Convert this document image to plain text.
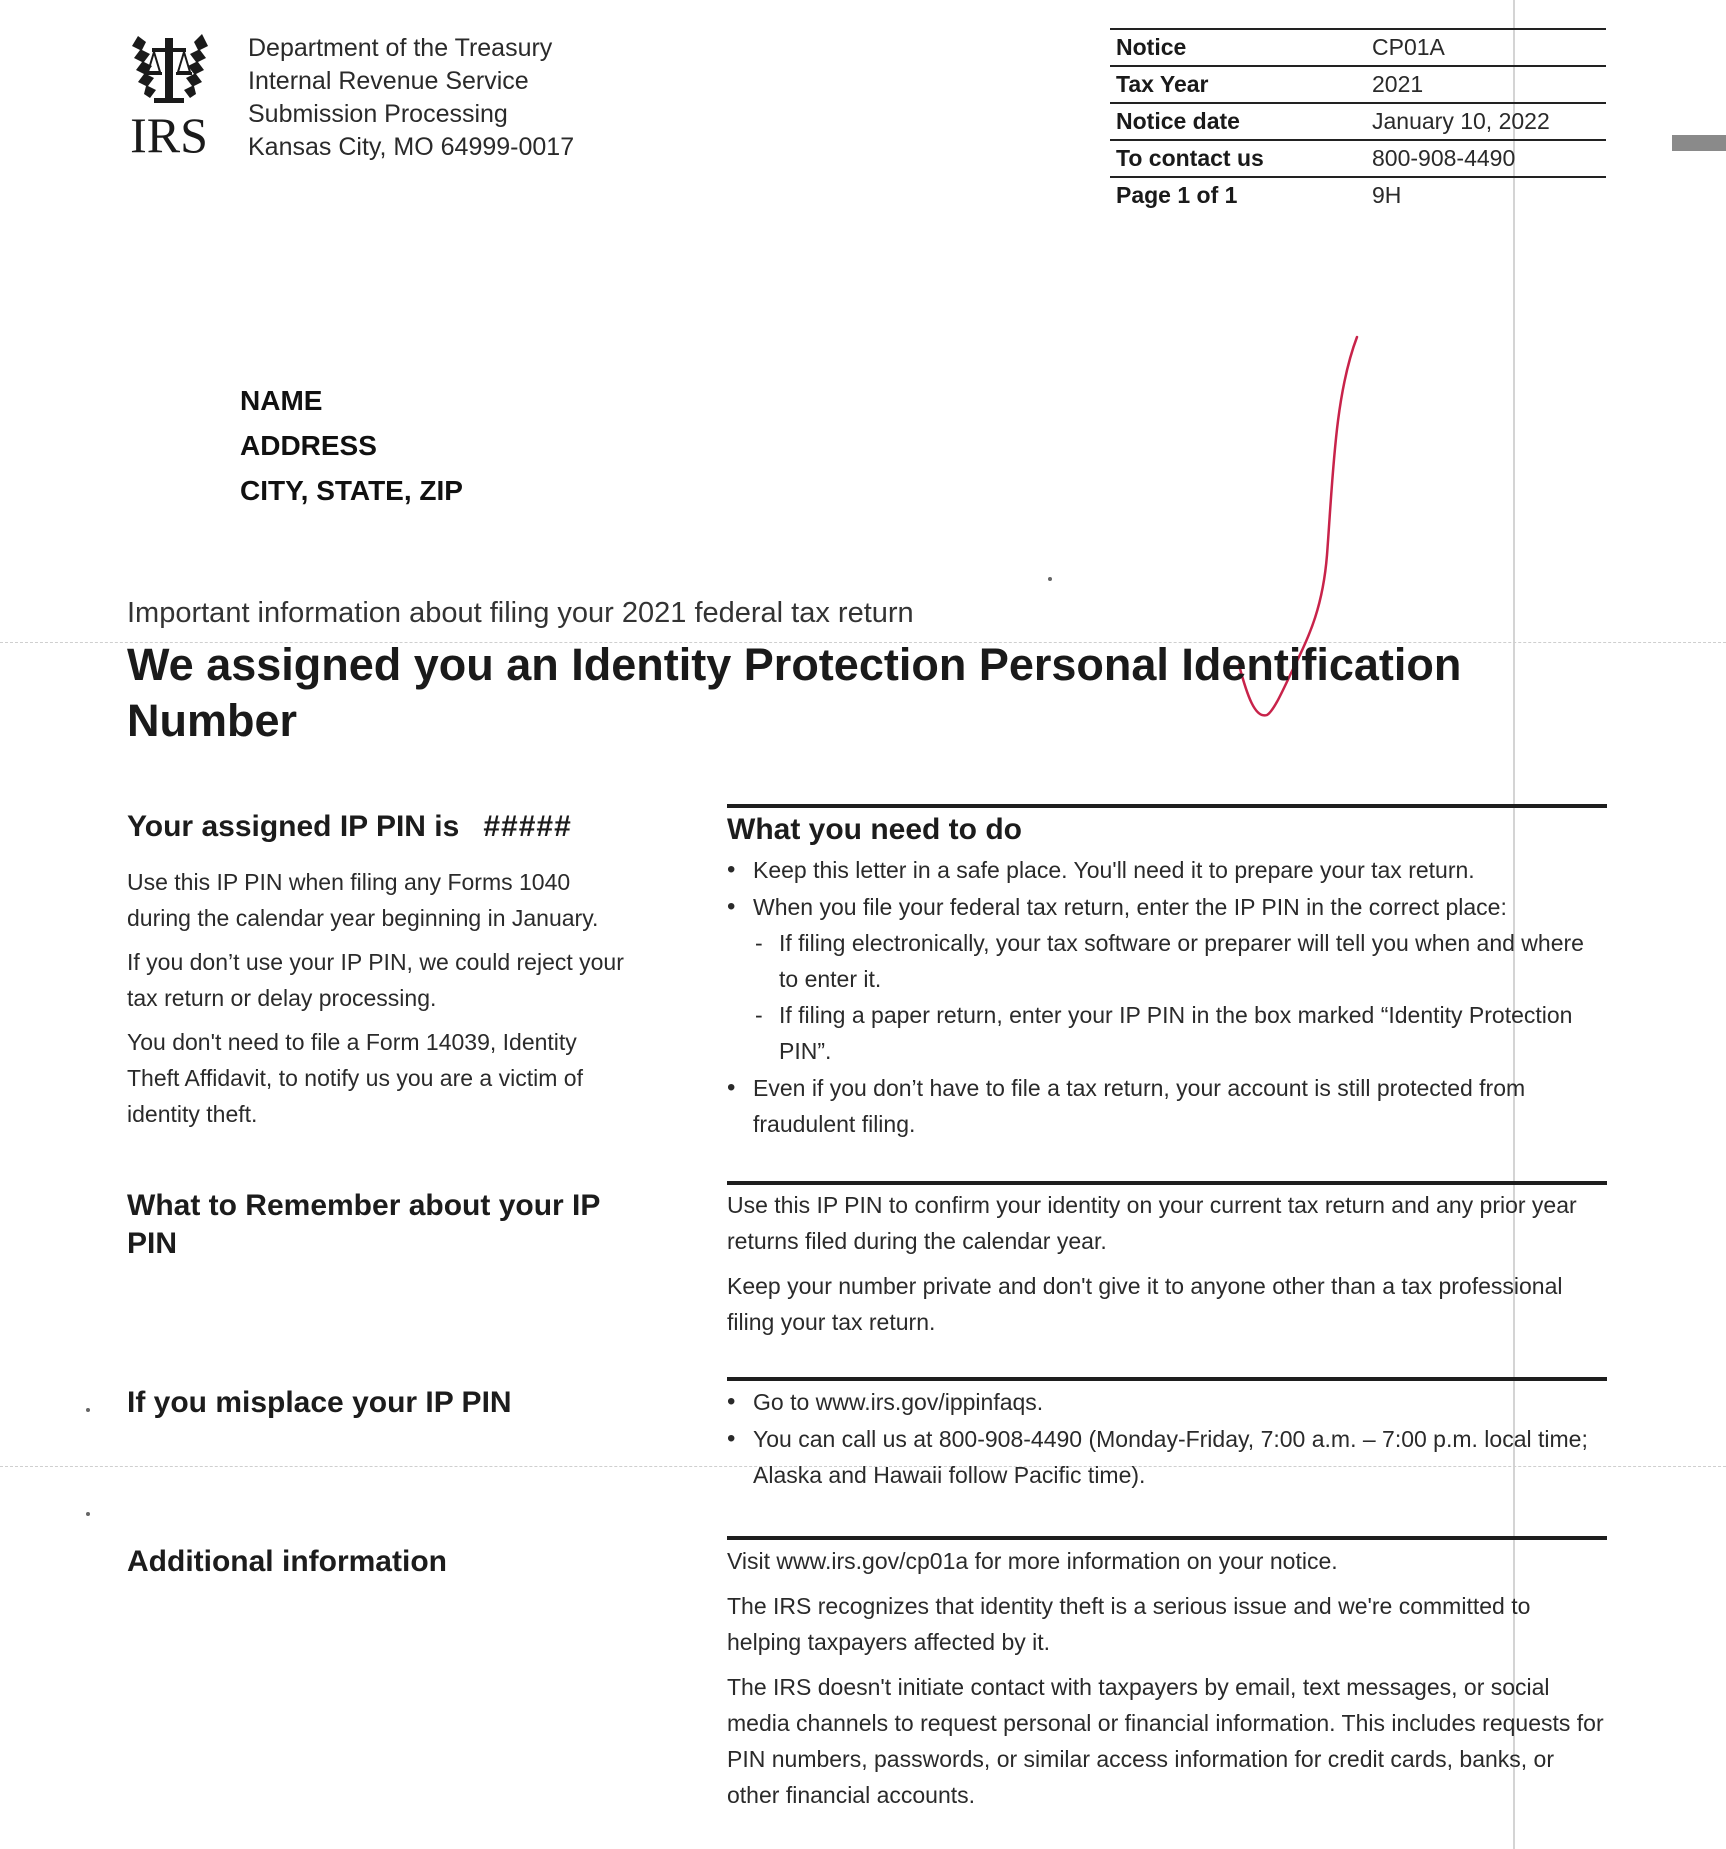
IRS
Department of the Treasury
Internal Revenue Service
Submission Processing
Kansas City, MO 64999-0017
Notice	CP01A
Tax Year	2021
Notice date	January 10, 2022
To contact us	800-908-4490
Page 1 of 1	9H
NAME
ADDRESS
CITY, STATE, ZIP
Important information about filing your 2021 federal tax return
We assigned you an Identity Protection Personal Identification Number
Your assigned IP PIN is #####

Use this IP PIN when filing any Forms 1040 during the calendar year beginning in January.

If you don’t use your IP PIN, we could reject your tax return or delay processing.

You don't need to file a Form 14039, Identity Theft Affidavit, to notify us you are a victim of identity theft.

What you need to do
• Keep this letter in a safe place. You'll need it to prepare your tax return.
• When you file your federal tax return, enter the IP PIN in the correct place:
- If filing electronically, your tax software or preparer will tell you when and where to enter it.
- If filing a paper return, enter your IP PIN in the box marked “Identity Protection PIN”.
• Even if you don’t have to file a tax return, your account is still protected from fraudulent filing.
What to Remember about your IP PIN

Use this IP PIN to confirm your identity on your current tax return and any prior year returns filed during the calendar year.

Keep your number private and don't give it to anyone other than a tax professional filing your tax return.

If you misplace your IP PIN
•	Go to www.irs.gov/ippinfaqs.
• You can call us at 800-908-4490 (Monday-Friday, 7:00 a.m. – 7:00 p.m. local time; Alaska and Hawaii follow Pacific time).
Additional information	Visit www.irs.gov/cp01a for more information on your notice.

The IRS recognizes that identity theft is a serious issue and we're committed to helping taxpayers affected by it.

The IRS doesn't initiate contact with taxpayers by email, text messages, or social media channels to request personal or financial information. This includes requests for PIN numbers, passwords, or similar access information for credit cards, banks, or other financial accounts.
